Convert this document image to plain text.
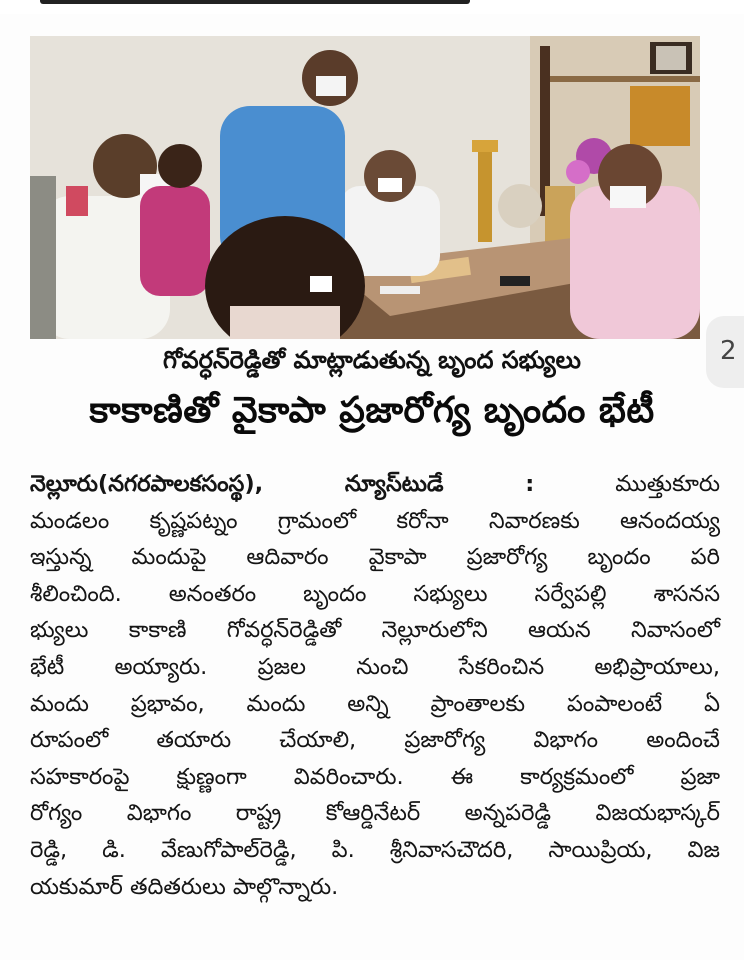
2
గోవర్ధన్‌రెడ్డితో మాట్లాడుతున్న బృంద సభ్యులు
కాకాణితో వైకాపా ప్రజారోగ్య బృందం భేటీ
నెల్లూరు(నగరపాలకసంస్థ), న్యూస్‌టుడే :	ముత్తుకూరు
మండలం కృష్ణపట్నం గ్రామంలో కరోనా నివారణకు ఆనందయ్య
ఇస్తున్న మందుపై ఆదివారం వైకాపా ప్రజారోగ్య బృందం పరి
శీలించింది. అనంతరం బృందం సభ్యులు సర్వేపల్లి శాసనస
భ్యులు కాకాణి గోవర్ధన్‌రెడ్డితో నెల్లూరులోని ఆయన నివాసంలో
భేటీ అయ్యారు. ప్రజల నుంచి సేకరించిన అభిప్రాయాలు,
మందు ప్రభావం, మందు అన్ని ప్రాంతాలకు పంపాలంటే ఏ
రూపంలో తయారు చేయాలి, ప్రజారోగ్య విభాగం అందించే
సహకారంపై క్షుణ్ణంగా వివరించారు. ఈ కార్యక్రమంలో ప్రజా
రోగ్యం విభాగం రాష్ట్ర కోఆర్డినేటర్ అన్నపరెడ్డి విజయభాస్కర్
రెడ్డి, డి. వేణుగోపాల్‌రెడ్డి, పి. శ్రీనివాసచౌదరి, సాయిప్రియ, విజ
యకుమార్ తదితరులు పాల్గొన్నారు.
